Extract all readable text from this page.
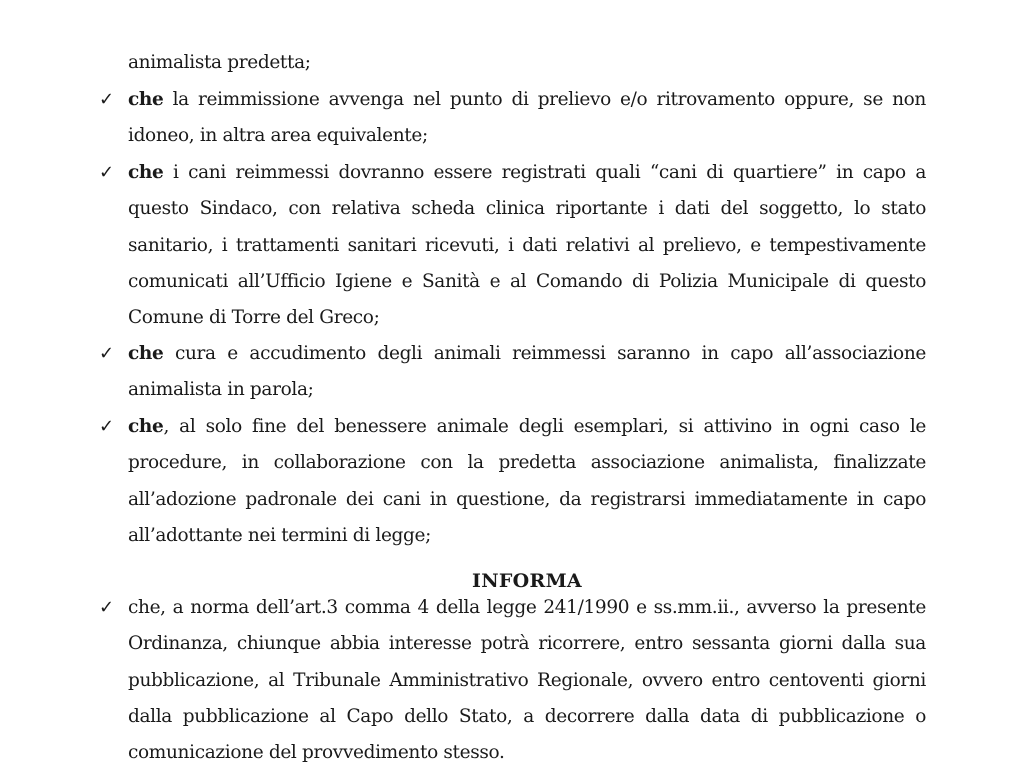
animalista predetta;
✓ che la reimmissione avvenga nel punto di prelievo e/o ritrovamento oppure, se non idoneo, in altra area equivalente;
✓ che i cani reimmessi dovranno essere registrati quali “cani di quartiere” in capo a questo Sindaco, con relativa scheda clinica riportante i dati del soggetto, lo stato sanitario, i trattamenti sanitari ricevuti, i dati relativi al prelievo, e tempestivamente comunicati all’Ufficio Igiene e Sanità e al Comando di Polizia Municipale di questo Comune di Torre del Greco;
✓ che cura e accudimento degli animali reimmessi saranno in capo all’associazione animalista in parola;
✓ che, al solo fine del benessere animale degli esemplari, si attivino in ogni caso le procedure, in collaborazione con la predetta associazione animalista, finalizzate all’adozione padronale dei cani in questione, da registrarsi immediatamente in capo all’adottante nei termini di legge;
INFORMA
✓ che, a norma dell’art.3 comma 4 della legge 241/1990 e ss.mm.ii., avverso la presente Ordinanza, chiunque abbia interesse potrà ricorrere, entro sessanta giorni dalla sua pubblicazione, al Tribunale Amministrativo Regionale, ovvero entro centoventi giorni dalla pubblicazione al Capo dello Stato, a decorrere dalla data di pubblicazione o comunicazione del provvedimento stesso.
